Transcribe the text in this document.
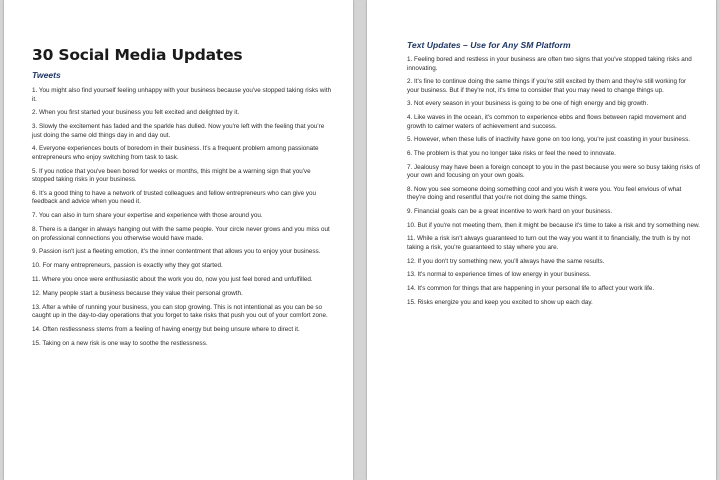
30 Social Media Updates
Tweets

1. You might also find yourself feeling unhappy with your business because you've stopped taking risks with it.

2. When you first started your business you felt excited and delighted by it.

3. Slowly the excitement has faded and the sparkle has dulled. Now you're left with the feeling that you're just doing the same old things day in and day out.

4. Everyone experiences bouts of boredom in their business. It's a frequent problem among passionate entrepreneurs who enjoy switching from task to task.

5. If you notice that you've been bored for weeks or months, this might be a warning sign that you've stopped taking risks in your business.

6. It's a good thing to have a network of trusted colleagues and fellow entrepreneurs who can give you feedback and advice when you need it.

7. You can also in turn share your expertise and experience with those around you.

8. There is a danger in always hanging out with the same people. Your circle never grows and you miss out on professional connections you otherwise would have made.

9. Passion isn't just a fleeting emotion, it's the inner contentment that allows you to enjoy your business.

10. For many entrepreneurs, passion is exactly why they got started.

11. Where you once were enthusiastic about the work you do, now you just feel bored and unfulfilled.

12. Many people start a business because they value their personal growth.

13. After a while of running your business, you can stop growing. This is not intentional as you can be so caught up in the day-to-day operations that you forget to take risks that push you out of your comfort zone.

14. Often restlessness stems from a feeling of having energy but being unsure where to direct it.

15. Taking on a new risk is one way to soothe the restlessness.

Text Updates – Use for Any SM Platform

1. Feeling bored and restless in your business are often two signs that you've stopped taking risks and innovating.

2. It's fine to continue doing the same things if you're still excited by them and they're still working for your business. But if they're not, it's time to consider that you may need to change things up.

3. Not every season in your business is going to be one of high energy and big growth.

4. Like waves in the ocean, it's common to experience ebbs and flows between rapid movement and growth to calmer waters of achievement and success.

5. However, when these lulls of inactivity have gone on too long, you're just coasting in your business.

6. The problem is that you no longer take risks or feel the need to innovate.

7. Jealousy may have been a foreign concept to you in the past because you were so busy taking risks of your own and focusing on your own goals.

8. Now you see someone doing something cool and you wish it were you. You feel envious of what they're doing and resentful that you're not doing the same things.

9. Financial goals can be a great incentive to work hard on your business.

10. But if you're not meeting them, then it might be because it's time to take a risk and try something new.

11. While a risk isn't always guaranteed to turn out the way you want it to financially, the truth is by not taking a risk, you're guaranteed to stay where you are.

12. If you don't try something new, you'll always have the same results.

13. It's normal to experience times of low energy in your business.

14. It's common for things that are happening in your personal life to affect your work life.

15. Risks energize you and keep you excited to show up each day.
